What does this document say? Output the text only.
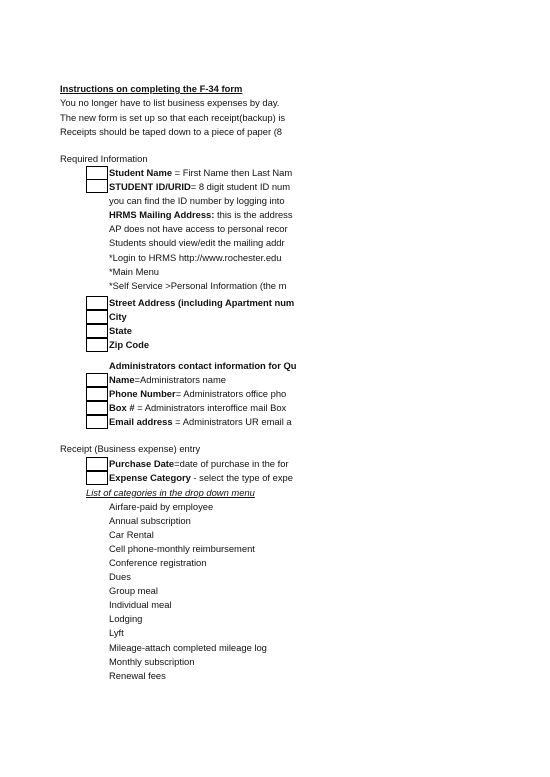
Instructions on completing the F-34 form
You no longer have to list business expenses by day.
The new form is set up so that each receipt(backup) is
Receipts should be taped down to a piece of paper (8
Required Information
Student Name = First Name then Last Nam
STUDENT ID/URID= 8 digit student ID num
you can find the ID number by logging into
HRMS Mailing Address: this is the address
AP does not have access to personal recor
Students should view/edit the mailing addr
*Login to HRMS http://www.rochester.edu
*Main Menu
*Self Service >Personal Information (the m
Street Address (including Apartment num
City
State
Zip Code
Administrators contact information for Qu
Name=Administrators name
Phone Number= Administrators office pho
Box # = Administrators interoffice mail Box
Email address = Administrators UR email a
Receipt (Business expense) entry
Purchase Date=date of purchase in the for
Expense Category - select the type of expe
List of categories in the drop down menu
Airfare-paid by employee
Annual subscription
Car Rental
Cell phone-monthly reimbursement
Conference registration
Dues
Group meal
Individual meal
Lodging
Lyft
Mileage-attach completed mileage log
Monthly subscription
Renewal fees
